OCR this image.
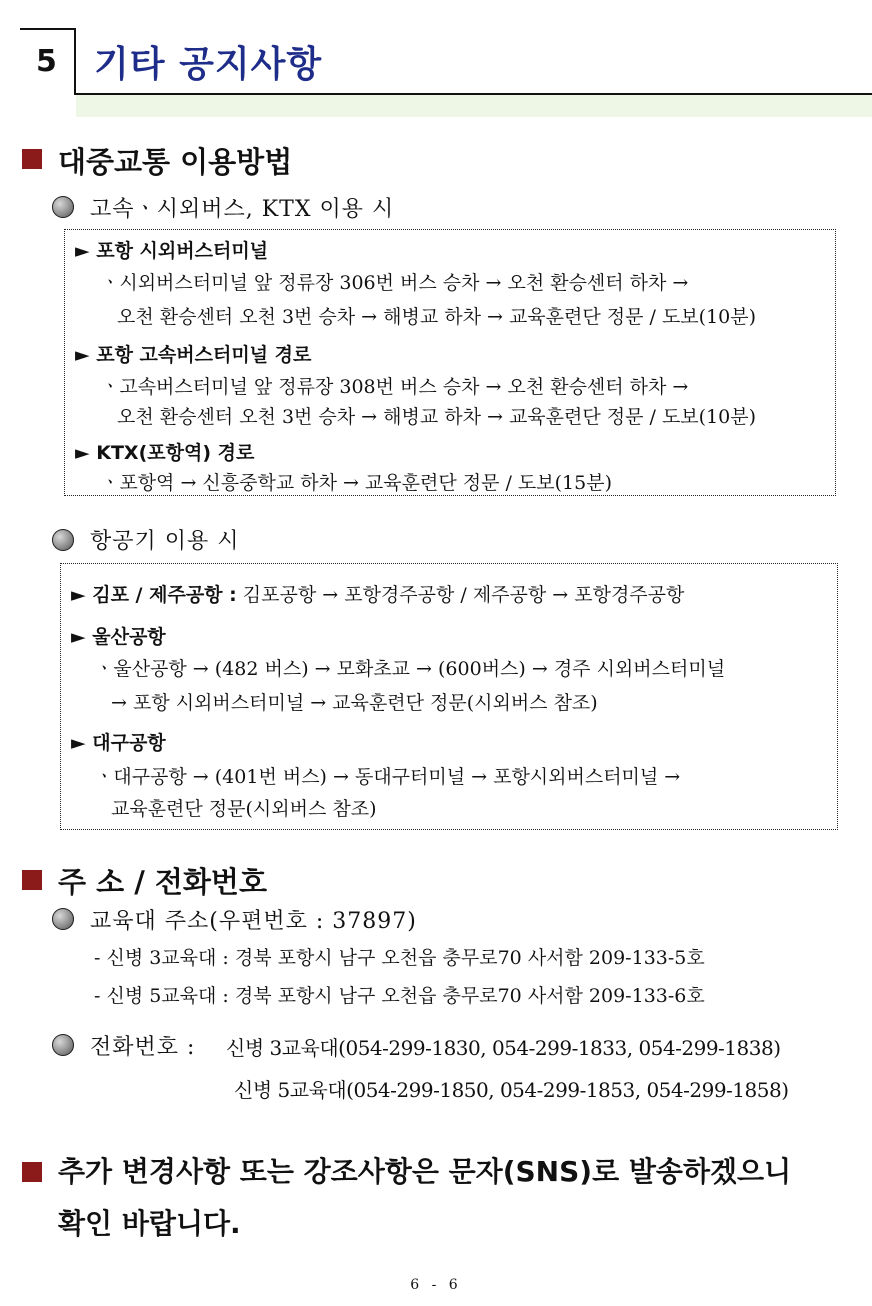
5 기타 공지사항
대중교통 이용방법
고속ㆍ시외버스, KTX 이용 시
► 포항 시외버스터미널
ㆍ시외버스터미널 앞 정류장 306번 버스 승차 → 오천 환승센터 하차 →
오천 환승센터 오천 3번 승차 → 해병교 하차 → 교육훈련단 정문 / 도보(10분)
► 포항 고속버스터미널 경로
ㆍ고속버스터미널 앞 정류장 308번 버스 승차 → 오천 환승센터 하차 →
오천 환승센터 오천 3번 승차 → 해병교 하차 → 교육훈련단 정문 / 도보(10분)
► KTX(포항역) 경로
ㆍ포항역 → 신흥중학교 하차 → 교육훈련단 정문 / 도보(15분)
항공기 이용 시
► 김포 / 제주공항 : 김포공항 → 포항경주공항 / 제주공항 → 포항경주공항
► 울산공항
ㆍ울산공항 → (482 버스) → 모화초교 → (600버스) → 경주 시외버스터미널
→ 포항 시외버스터미널 → 교육훈련단 정문(시외버스 참조)
► 대구공항
ㆍ대구공항 → (401번 버스) → 동대구터미널 → 포항시외버스터미널 →
교육훈련단 정문(시외버스 참조)
주 소 / 전화번호
교육대 주소(우편번호 : 37897)
- 신병 3교육대 : 경북 포항시 남구 오천읍 충무로70 사서함 209-133-5호
- 신병 5교육대 : 경북 포항시 남구 오천읍 충무로70 사서함 209-133-6호
전화번호 : 신병 3교육대(054-299-1830, 054-299-1833, 054-299-1838)
신병 5교육대(054-299-1850, 054-299-1853, 054-299-1858)
추가 변경사항 또는 강조사항은 문자(SNS)로 발송하겠으니
확인 바랍니다.
6 - 6
